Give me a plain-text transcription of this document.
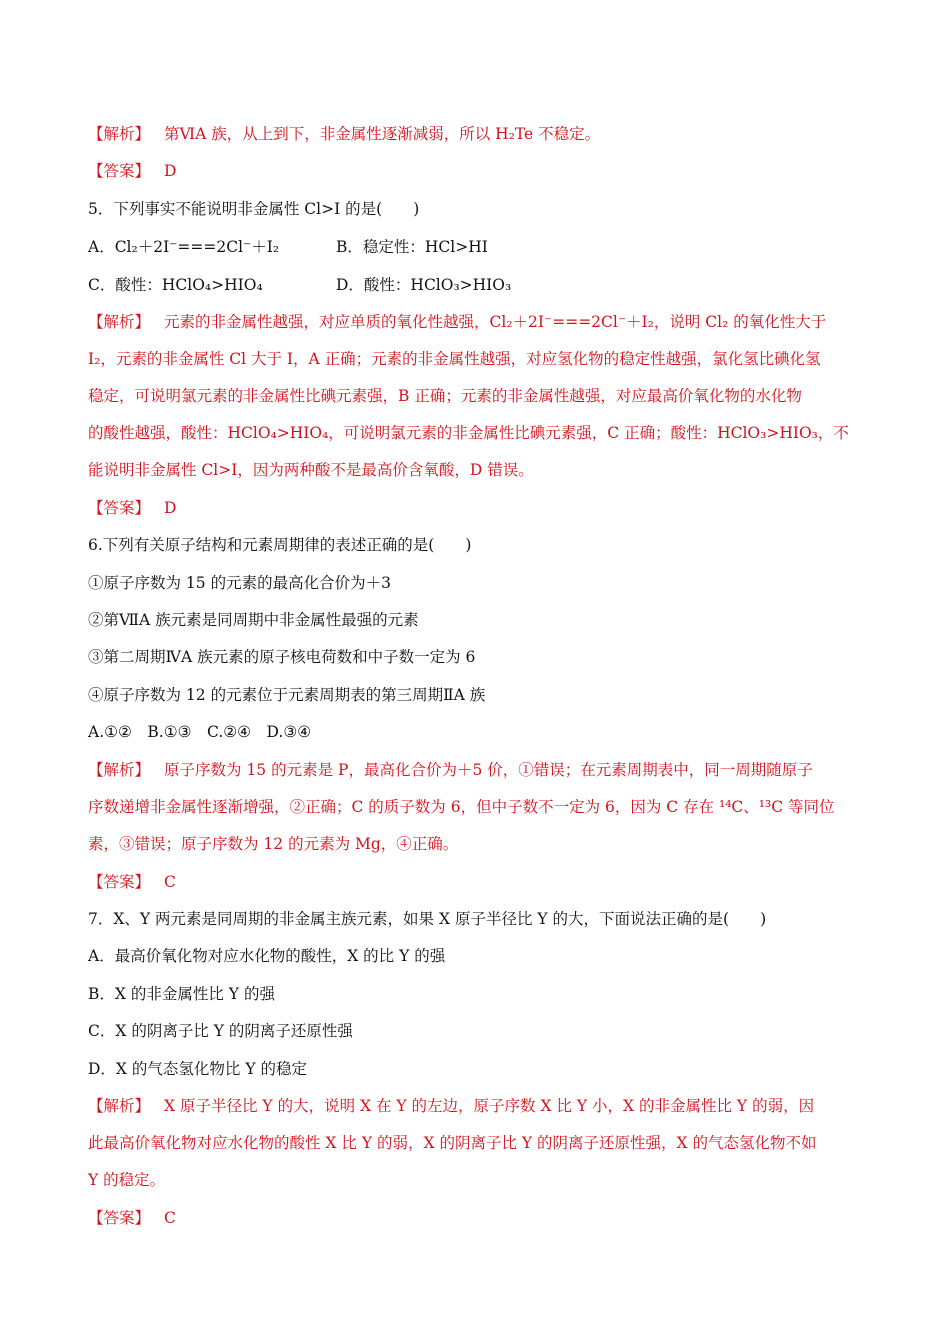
【解析】 第ⅥA 族，从上到下，非金属性逐渐减弱，所以 H₂Te 不稳定。
【答案】 D
5．下列事实不能说明非金属性 Cl>I 的是(　　)
A．Cl₂＋2I⁻===2Cl⁻＋I₂	B．稳定性：HCl>HI
C．酸性：HClO₄>HIO₄	D．酸性：HClO₃>HIO₃
【解析】 元素的非金属性越强，对应单质的氧化性越强，Cl₂＋2I⁻===2Cl⁻＋I₂，说明 Cl₂ 的氧化性大于
I₂，元素的非金属性 Cl 大于 I，A 正确；元素的非金属性越强，对应氢化物的稳定性越强，氯化氢比碘化氢
稳定，可说明氯元素的非金属性比碘元素强，B 正确；元素的非金属性越强，对应最高价氧化物的水化物
的酸性越强，酸性：HClO₄>HIO₄，可说明氯元素的非金属性比碘元素强，C 正确；酸性：HClO₃>HIO₃，不
能说明非金属性 Cl>I，因为两种酸不是最高价含氧酸，D 错误。
【答案】 D
6.下列有关原子结构和元素周期律的表述正确的是(　　)
①原子序数为 15 的元素的最高化合价为＋3
②第ⅦA 族元素是同周期中非金属性最强的元素
③第二周期ⅣA 族元素的原子核电荷数和中子数一定为 6
④原子序数为 12 的元素位于元素周期表的第三周期ⅡA 族
A.①②　B.①③　C.②④　D.③④
【解析】 原子序数为 15 的元素是 P，最高化合价为＋5 价，①错误；在元素周期表中，同一周期随原子
序数递增非金属性逐渐增强，②正确；C 的质子数为 6，但中子数不一定为 6，因为 C 存在 ¹⁴C、¹³C 等同位
素，③错误；原子序数为 12 的元素为 Mg，④正确。
【答案】 C
7．X、Y 两元素是同周期的非金属主族元素，如果 X 原子半径比 Y 的大，下面说法正确的是(　　)
A．最高价氧化物对应水化物的酸性，X 的比 Y 的强
B．X 的非金属性比 Y 的强
C．X 的阴离子比 Y 的阴离子还原性强
D．X 的气态氢化物比 Y 的稳定
【解析】 X 原子半径比 Y 的大，说明 X 在 Y 的左边，原子序数 X 比 Y 小，X 的非金属性比 Y 的弱，因
此最高价氧化物对应水化物的酸性 X 比 Y 的弱，X 的阴离子比 Y 的阴离子还原性强，X 的气态氢化物不如
Y 的稳定。
【答案】 C
